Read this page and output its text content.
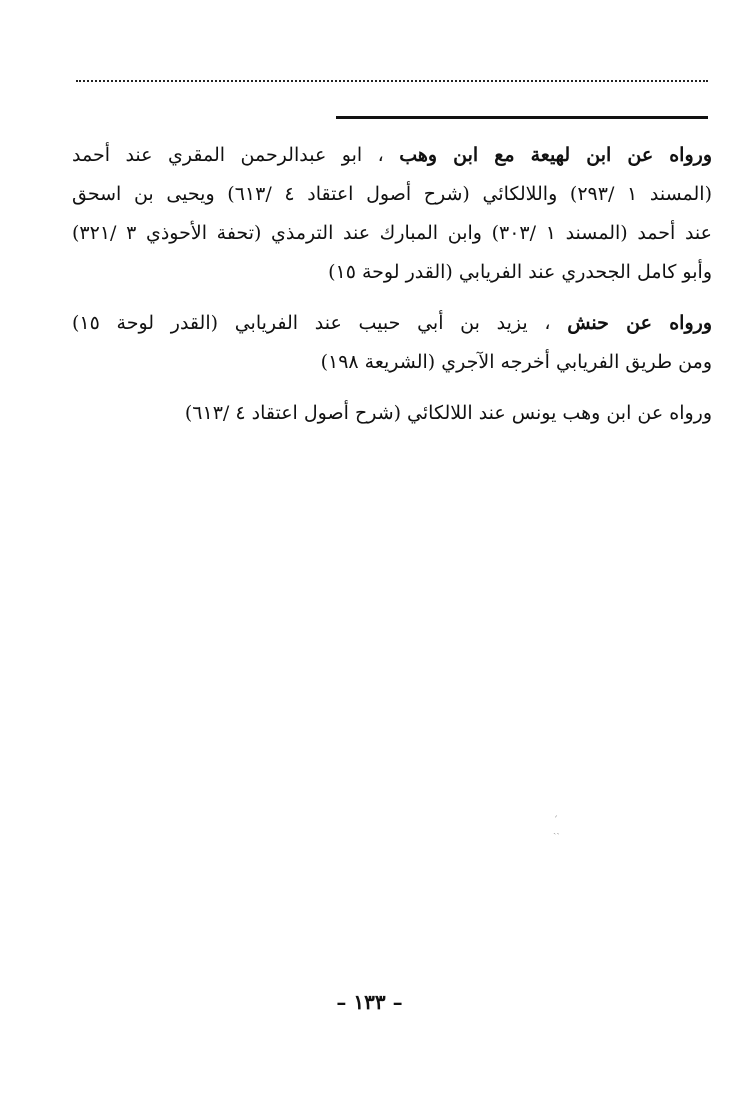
ورواه عن ابن لهيعة مع ابن وهب ، ابو عبدالرحمن المقري عند أحمد
(المسند ١ /٢٩٣) واللالكائي (شرح أصول اعتقاد ٤ /٦١٣) ويحيى بن اسحق
عند أحمد (المسند ١ /٣٠٣) وابن المبارك عند الترمذي (تحفة الأحوذي ٣ /٣٢١)
وأبو كامل الجحدري عند الفريابي (القدر لوحة ١٥)

ورواه عن حنش ، يزيد بن أبي حبيب عند الفريابي (القدر لوحة ١٥)
ومن طريق الفريابي أخرجه الآجري (الشريعة ١٩٨)

ورواه عن ابن وهب يونس عند اللالكائي (شرح أصول اعتقاد ٤ /٦١٣)

ˊ
ˏˎ
– ١٣٣ –
